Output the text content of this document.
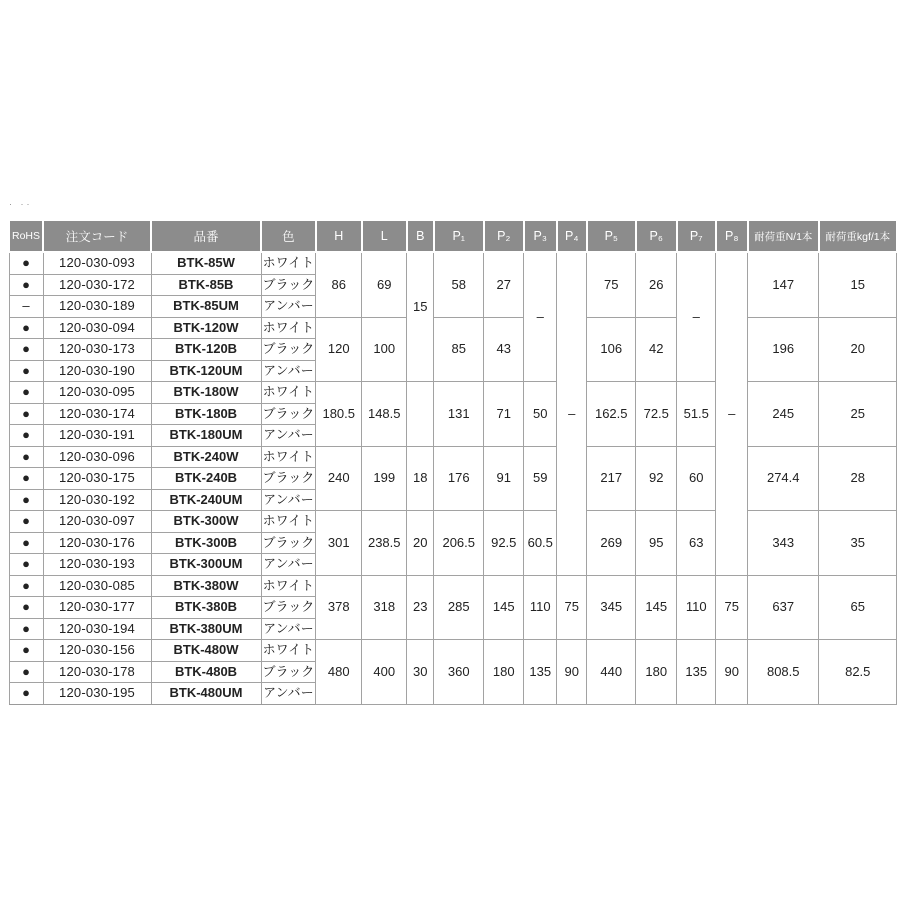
· ··
RoHS	注文コード	品番	色	H	L	B	P₁	P₂	P₃	P₄	P₅	P₆	P₇	P₈	耐荷重N/1本	耐荷重kgf/1本
●	120-030-093	BTK-85W	ホワイト	86	69	15	58	27	–	–	75	26	–	–	147	15
●	120-030-172	BTK-85B	ブラック													
–	120-030-189	BTK-85UM	アンバー													
●	120-030-094	BTK-120W	ホワイト	120	100		85	43			106	42			196	20
●	120-030-173	BTK-120B	ブラック													
●	120-030-190	BTK-120UM	アンバー													
●	120-030-095	BTK-180W	ホワイト	180.5	148.5		131	71	50		162.5	72.5	51.5		245	25
●	120-030-174	BTK-180B	ブラック													
●	120-030-191	BTK-180UM	アンバー													
●	120-030-096	BTK-240W	ホワイト	240	199	18	176	91	59		217	92	60		274.4	28
●	120-030-175	BTK-240B	ブラック													
●	120-030-192	BTK-240UM	アンバー													
●	120-030-097	BTK-300W	ホワイト	301	238.5	20	206.5	92.5	60.5		269	95	63		343	35
●	120-030-176	BTK-300B	ブラック													
●	120-030-193	BTK-300UM	アンバー													
●	120-030-085	BTK-380W	ホワイト	378	318	23	285	145	110	75	345	145	110	75	637	65
●	120-030-177	BTK-380B	ブラック													
●	120-030-194	BTK-380UM	アンバー													
●	120-030-156	BTK-480W	ホワイト	480	400	30	360	180	135	90	440	180	135	90	808.5	82.5
●	120-030-178	BTK-480B	ブラック													
●	120-030-195	BTK-480UM	アンバー													
